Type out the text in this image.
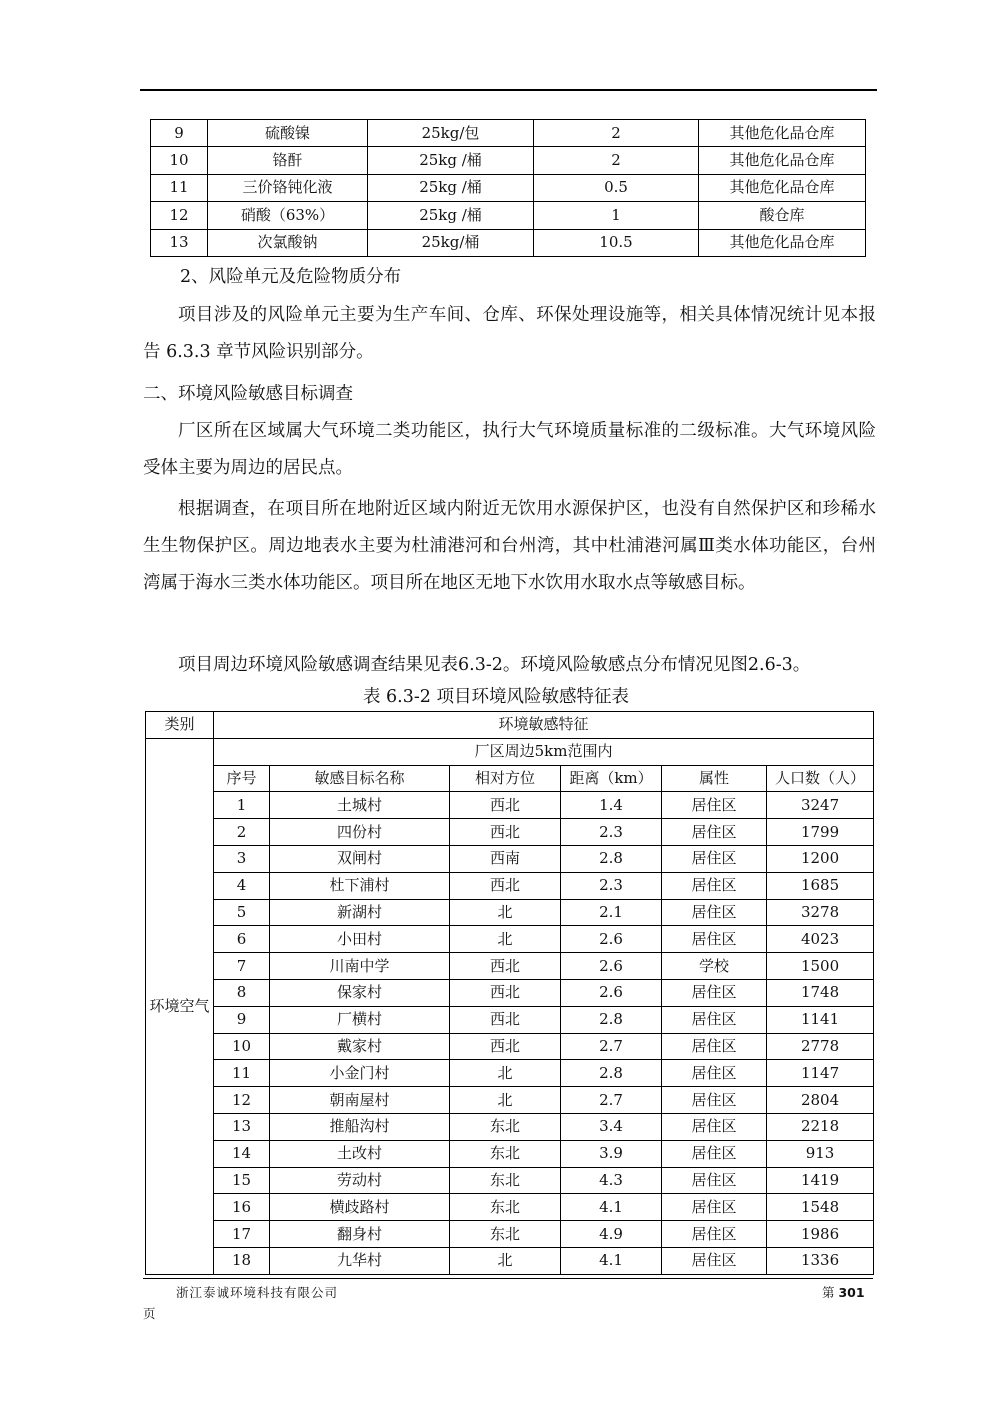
9	硫酸镍	25kg/包	2	其他危化品仓库
10	铬酐	25kg /桶	2	其他危化品仓库
11	三价铬钝化液	25kg /桶	0.5	其他危化品仓库
12	硝酸（63%）	25kg /桶	1	酸仓库
13	次氯酸钠	25kg/桶	10.5	其他危化品仓库

2、风险单元及危险物质分布

项目涉及的风险单元主要为生产车间、仓库、环保处理设施等，相关具体情况统计见本报告 6.3.3 章节风险识别部分。

二、环境风险敏感目标调查

厂区所在区域属大气环境二类功能区，执行大气环境质量标准的二级标准。大气环境风险受体主要为周边的居民点。

根据调查，在项目所在地附近区域内附近无饮用水源保护区，也没有自然保护区和珍稀水生生物保护区。周边地表水主要为杜浦港河和台州湾，其中杜浦港河属Ⅲ类水体功能区，台州湾属于海水三类水体功能区。项目所在地区无地下水饮用水取水点等敏感目标。

项目周边环境风险敏感调查结果见表6.3-2。环境风险敏感点分布情况见图2.6-3。

表 6.3-2 项目环境风险敏感特征表

类别	环境敏感特征					
环境空气	厂区周边5km范围内					
	序号	敏感目标名称	相对方位	距离（km）	属性	人口数（人）
	1	土城村	西北	1.4	居住区	3247
	2	四份村	西北	2.3	居住区	1799
	3	双闸村	西南	2.8	居住区	1200
	4	杜下浦村	西北	2.3	居住区	1685
	5	新湖村	北	2.1	居住区	3278
	6	小田村	北	2.6	居住区	4023
	7	川南中学	西北	2.6	学校	1500
	8	保家村	西北	2.6	居住区	1748
	9	厂横村	西北	2.8	居住区	1141
	10	戴家村	西北	2.7	居住区	2778
	11	小金门村	北	2.8	居住区	1147
	12	朝南屋村	北	2.7	居住区	2804
	13	推船沟村	东北	3.4	居住区	2218
	14	土改村	东北	3.9	居住区	913
	15	劳动村	东北	4.3	居住区	1419
	16	横歧路村	东北	4.1	居住区	1548
	17	翻身村	东北	4.9	居住区	1986
	18	九华村	北	4.1	居住区	1336
浙江泰诚环境科技有限公司	第 301
页
